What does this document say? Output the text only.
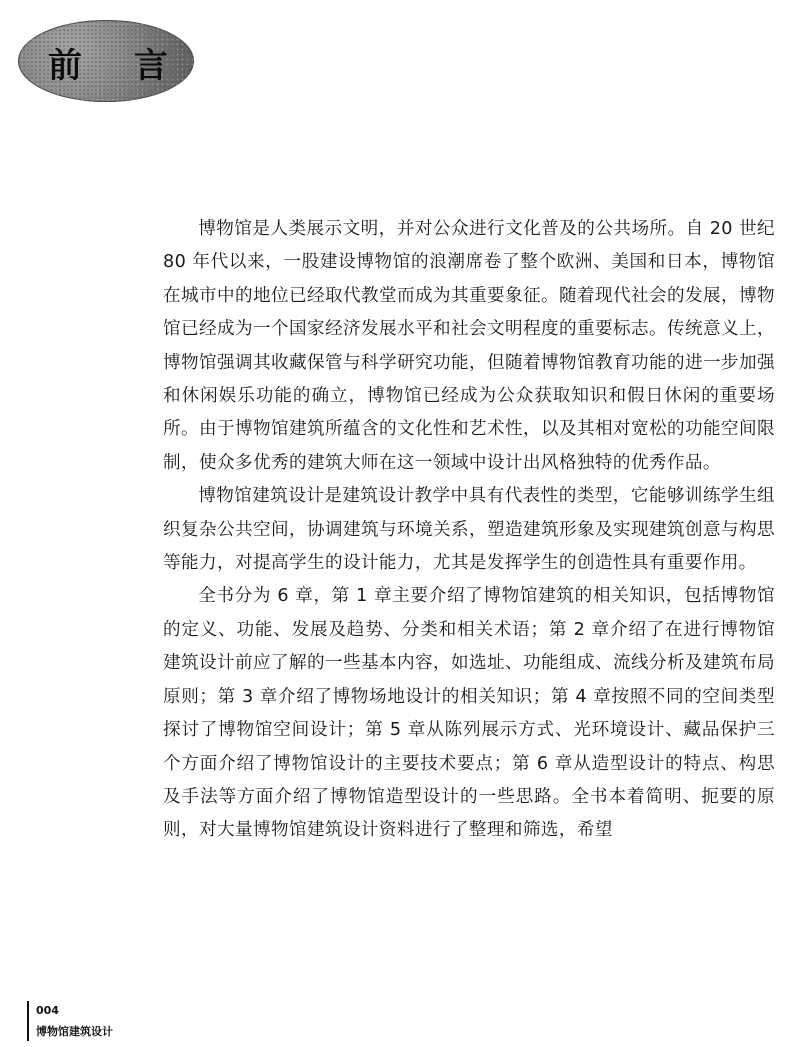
前 言

博物馆是人类展示文明，并对公众进行文化普及的公共场所。自 20 世纪 80 年代以来，一股建设博物馆的浪潮席卷了整个欧洲、美国和日本，博物馆在城市中的地位已经取代教堂而成为其重要象征。随着现代社会的发展，博物馆已经成为一个国家经济发展水平和社会文明程度的重要标志。传统意义上，博物馆强调其收藏保管与科学研究功能，但随着博物馆教育功能的进一步加强和休闲娱乐功能的确立，博物馆已经成为公众获取知识和假日休闲的重要场所。由于博物馆建筑所蕴含的文化性和艺术性，以及其相对宽松的功能空间限制，使众多优秀的建筑大师在这一领域中设计出风格独特的优秀作品。

博物馆建筑设计是建筑设计教学中具有代表性的类型，它能够训练学生组织复杂公共空间，协调建筑与环境关系，塑造建筑形象及实现建筑创意与构思等能力，对提高学生的设计能力，尤其是发挥学生的创造性具有重要作用。

全书分为 6 章，第 1 章主要介绍了博物馆建筑的相关知识，包括博物馆的定义、功能、发展及趋势、分类和相关术语；第 2 章介绍了在进行博物馆建筑设计前应了解的一些基本内容，如选址、功能组成、流线分析及建筑布局原则；第 3 章介绍了博物场地设计的相关知识；第 4 章按照不同的空间类型探讨了博物馆空间设计；第 5 章从陈列展示方式、光环境设计、藏品保护三个方面介绍了博物馆设计的主要技术要点；第 6 章从造型设计的特点、构思及手法等方面介绍了博物馆造型设计的一些思路。全书本着简明、扼要的原则，对大量博物馆建筑设计资料进行了整理和筛选，希望

004
博物馆建筑设计
